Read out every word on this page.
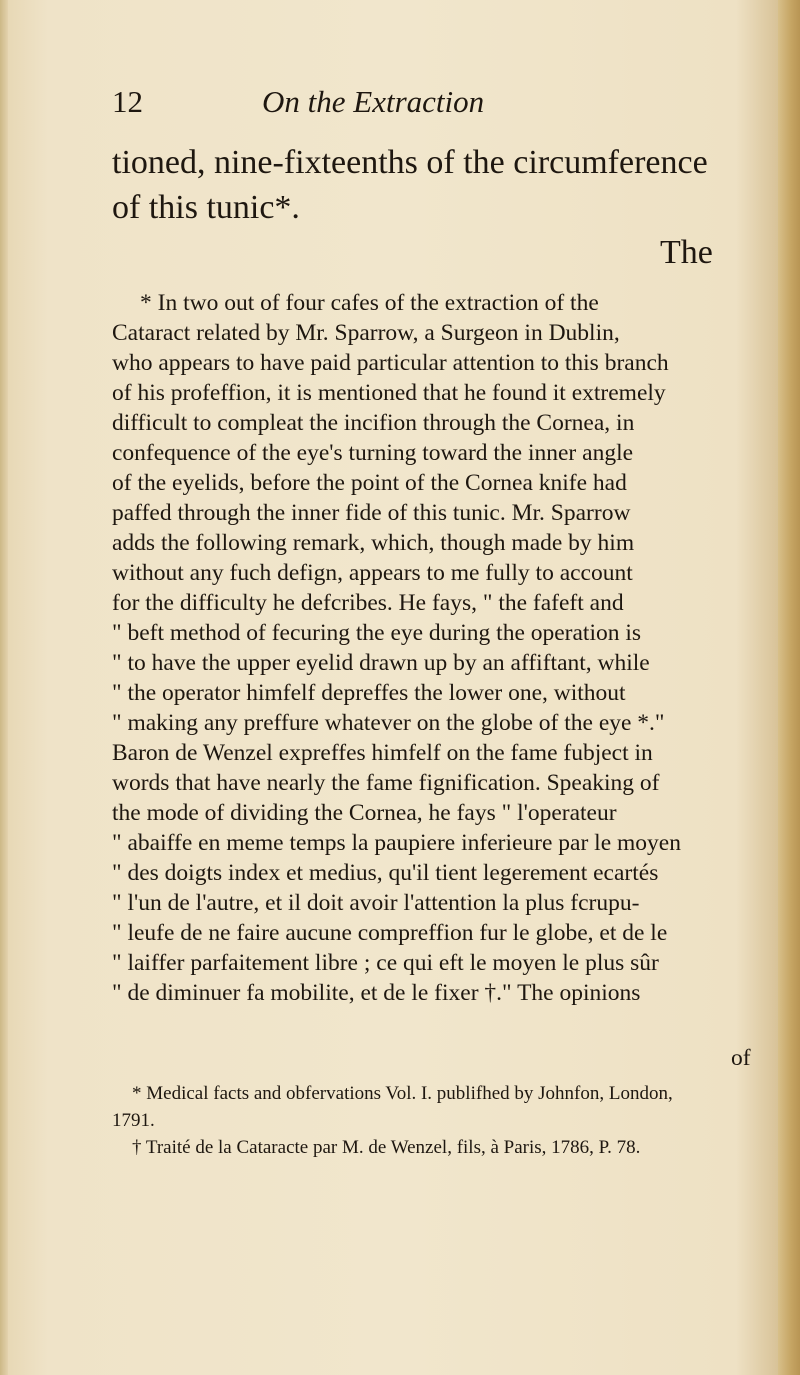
12	On the Extraction
tioned, nine-fixteenths of the circumference
of this tunic*.
The
* In two out of four cafes of the extraction of the
Cataract related by Mr. Sparrow, a Surgeon in Dublin,
who appears to have paid particular attention to this branch
of his profeffion, it is mentioned that he found it extremely
difficult to compleat the incifion through the Cornea, in
confequence of the eye's turning toward the inner angle
of the eyelids, before the point of the Cornea knife had
paffed through the inner fide of this tunic. Mr. Sparrow
adds the following remark, which, though made by him
without any fuch defign, appears to me fully to account
for the difficulty he defcribes. He fays, " the fafeft and
" beft method of fecuring the eye during the operation is
" to have the upper eyelid drawn up by an affiftant, while
" the operator himfelf depreffes the lower one, without
" making any preffure whatever on the globe of the eye *."
Baron de Wenzel expreffes himfelf on the fame fubject in
words that have nearly the fame fignification. Speaking of
the mode of dividing the Cornea, he fays " l'operateur
" abaiffe en meme temps la paupiere inferieure par le moyen
" des doigts index et medius, qu'il tient legerement ecartés
" l'un de l'autre, et il doit avoir l'attention la plus fcrupu-
" leufe de ne faire aucune compreffion fur le globe, et de le
" laiffer parfaitement libre ; ce qui eft le moyen le plus sûr
" de diminuer fa mobilite, et de le fixer †." The opinions
of
* Medical facts and obfervations Vol. I. publifhed by Johnfon, London,
1791.
† Traité de la Cataracte par M. de Wenzel, fils, à Paris, 1786, P. 78.
